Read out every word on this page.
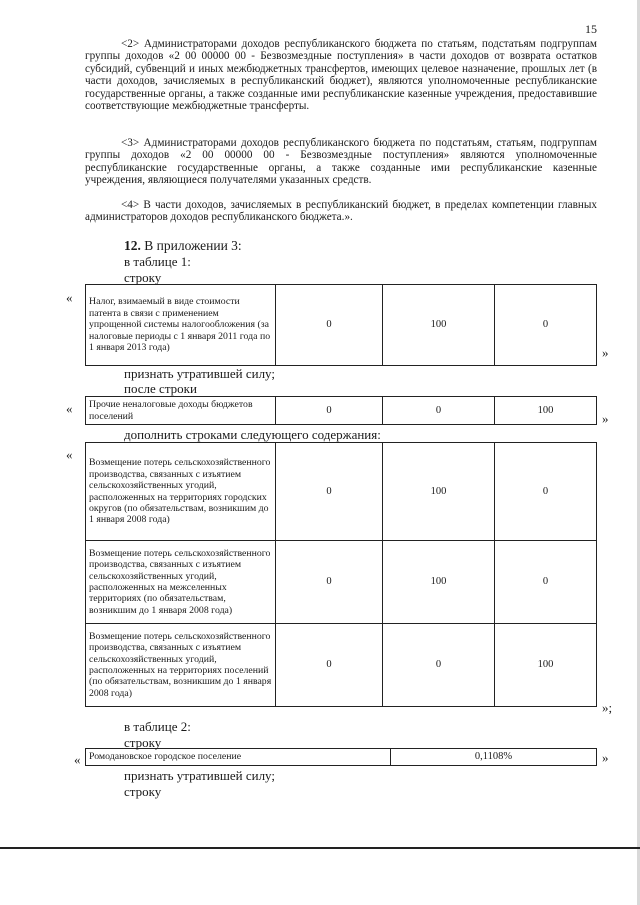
15

<2> Администраторами доходов республиканского бюджета по статьям, подстатьям подгруппам группы доходов «2 00 00000 00 - Безвозмездные поступления» в части доходов от возврата остатков субсидий, субвенций и иных межбюджетных трансфертов, имеющих целевое назначение, прошлых лет (в части доходов, зачисляемых в республиканский бюджет), являются уполномоченные республиканские государственные органы, а также созданные ими республиканские казенные учреждения, предоставившие соответствующие межбюджетные трансферты.

<3> Администраторами доходов республиканского бюджета по подстатьям, статьям, подгруппам группы доходов «2 00 00000 00 - Безвозмездные поступления» являются уполномоченные республиканские государственные органы, а также созданные ими республиканские казенные учреждения, являющиеся получателями указанных средств.

<4> В части доходов, зачисляемых в республиканский бюджет, в пределах компетенции главных администраторов доходов республиканского бюджета.».

12. В приложении 3:
в таблице 1:
строку
« Налог, взимаемый в виде стоимости патента в связи с применением упрощенной системы налогообложения (за налоговые периоды с 1 января 2011 года по 1 января 2013 года)	0	100	0
»
признать утратившей силу;
после строки
« Прочие неналоговые доходы бюджетов поселений	0	0	100
»
дополнить строками следующего содержания:
«
Возмещение потерь сельскохозяйственного производства, связанных с изъятием сельскохозяйственных угодий, расположенных на территориях городских округов (по обязательствам, возникшим до 1 января 2008 года)	0	100	0
Возмещение потерь сельскохозяйственного производства, связанных с изъятием сельскохозяйственных угодий, расположенных на межселенных территориях (по обязательствам, возникшим до 1 января 2008 года)	0	100	0
Возмещение потерь сельскохозяйственного производства, связанных с изъятием сельскохозяйственных угодий, расположенных на территориях поселений (по обязательствам, возникшим до 1 января 2008 года)	0	0	100
»;
в таблице 2:
строку
« Ромодановское городское поселение	0,1108%	»
признать утратившей силу;
строку
